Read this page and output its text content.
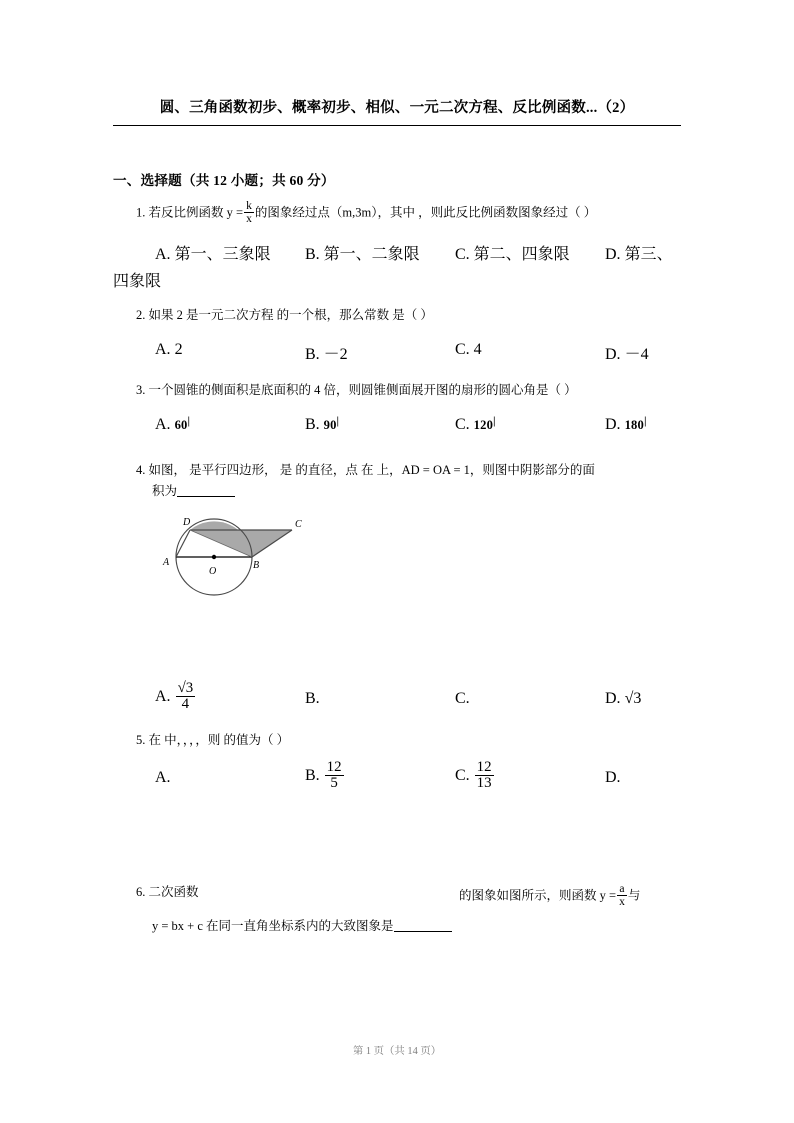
圆、三角函数初步、概率初步、相似、一元二次方程、反比例函数...（2）
一、选择题（共 12 小题；共 60 分）
1. 若反比例函数 $y = \frac{k}{x}$ 的图象经过点（m,3m），其中 ，则此反比例函数图象经过（ ）
A. 第一、三象限 B. 第一、二象限 C. 第二、四象限 D. 第三、
四象限
2. 如果 2 是一元二次方程 的一个根，那么常数 是（ ）
A. 2	B. －2	C. 4	D. －4
3. 一个圆锥的侧面积是底面积的 4 倍，则圆锥侧面展开图的扇形的圆心角是（ ）
A. 60|	B. 90|	C. 120|	D. 180|
4. 如图， 是平行四边形， 是 的直径，点 在 上，AD = OA = 1，则图中阴影部分的面
积为
D	C
A
O
B
A. $\frac{√3}{4}$	B.	C.	D. √3
5. 在 中，，，，则 的值为（ ）
A.	B. $\frac{12}{5}$	C. $\frac{12}{13}$	D.
6. 二次函数	的图象如图所示，则函数 $y = \frac{a}{x}$ 与
y = bx + c 在同一直角坐标系内的大致图象是
第 1 页（共 14 页）
